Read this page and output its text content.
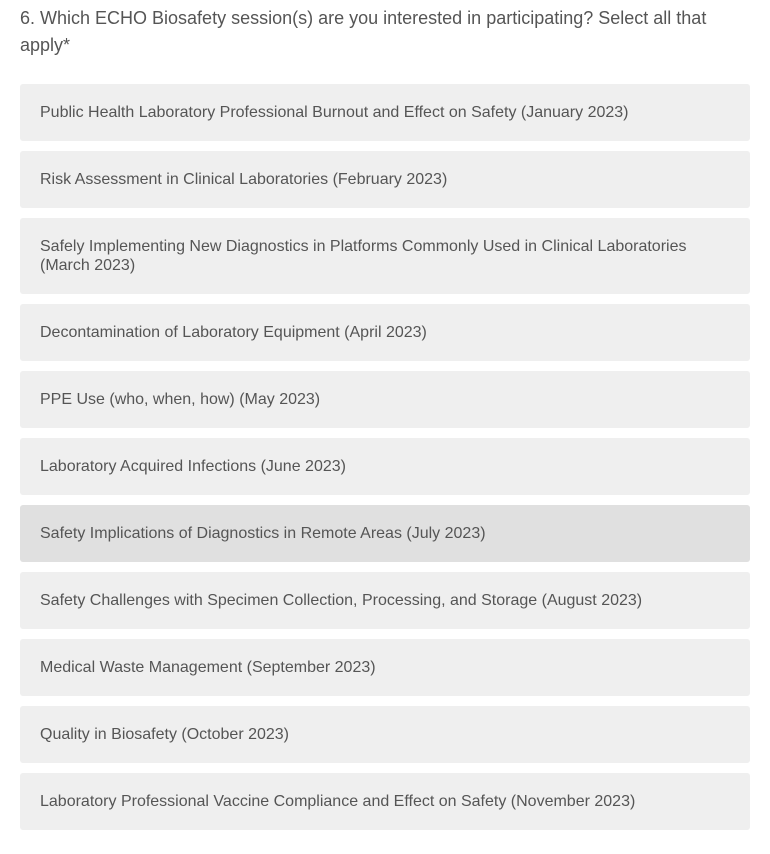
6. Which ECHO Biosafety session(s) are you interested in participating? Select all that apply*
Public Health Laboratory Professional Burnout and Effect on Safety (January 2023)
Risk Assessment in Clinical Laboratories (February 2023)
Safely Implementing New Diagnostics in Platforms Commonly Used in Clinical Laboratories (March 2023)
Decontamination of Laboratory Equipment (April 2023)
PPE Use (who, when, how) (May 2023)
Laboratory Acquired Infections (June 2023)
Safety Implications of Diagnostics in Remote Areas (July 2023)
Safety Challenges with Specimen Collection, Processing, and Storage (August 2023)
Medical Waste Management (September 2023)
Quality in Biosafety (October 2023)
Laboratory Professional Vaccine Compliance and Effect on Safety (November 2023)
